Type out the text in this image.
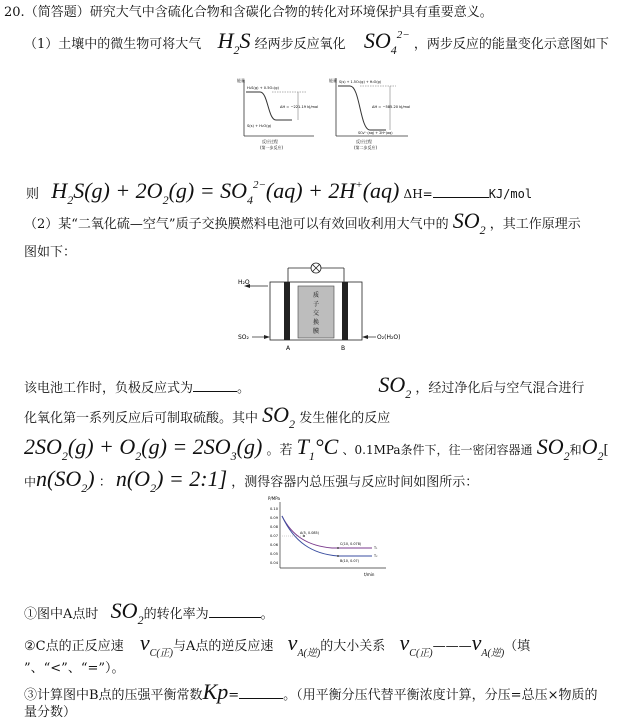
20.（简答题）研究大气中含硫化合物和含碳化合物的转化对环境保护具有重要意义。
（1）土壤中的微生物可将大气 $H_2S$ 经两步反应氧化 $SO_4^{2-}$ ，两步反应的能量变化示意图如下
能量
H₂S(g) + 0.5O₂(g)
S(s) + H₂O(g)
ΔH = −221.19 kJ/mol
反应过程
(第一步反应)
能量 S(s) + 1.5O₂(g) + H₂O(g)
SO₄²⁻(aq) + 2H⁺(aq)
ΔH = −585.20 kJ/mol
反应过程
(第二步反应)
则 $H_2S(g) + 2O_2(g) = SO_4^{2-}(aq) + 2H^+(aq)$ ΔH=	KJ/mol
（2）某“二氧化硫—空气”质子交换膜燃料电池可以有效回收利用大气中的 $SO_2$ ，其工作原理示
图如下：
质
子
交
换
膜
H₂O
SO₂	O₂(H₂O)
A	B
该电池工作时，负极反应式为	。	$SO_2$ ，经过净化后与空气混合进行
化氧化第一系列反应后可制取硫酸。其中 $SO_2$ 发生催化的反应
$2SO_2(g) + O_2(g) = 2SO_3(g)$ 。若 $T_1^\circ C$ 、0.1MPa条件下，往一密闭容器通 $SO_2$和$O_2$[
中$n(SO_2)$ ： $n(O_2)$ = 2:1] ，测得容器内总压强与反应时间如图所示：
P/MPa
t/min
0.10
0.09
0.08
0.07
0.06
0.05
0.04
A(5, 0.085)
C(10, 0.078)
B(10, 0.07)
T₁
T₂
①图中A点时 $SO_2$的转化率为	。
②C点的正反应速 $v_{C(正)}$与A点的逆反应速 $v_{A(逆)}$的大小关系 $v_{C(正)}———v_{A(逆)}$（填
”、“<”、“=”）。
③计算图中B点的压强平衡常数Kp=	。（用平衡分压代替平衡浓度计算，分压=总压×物质的
量分数）
